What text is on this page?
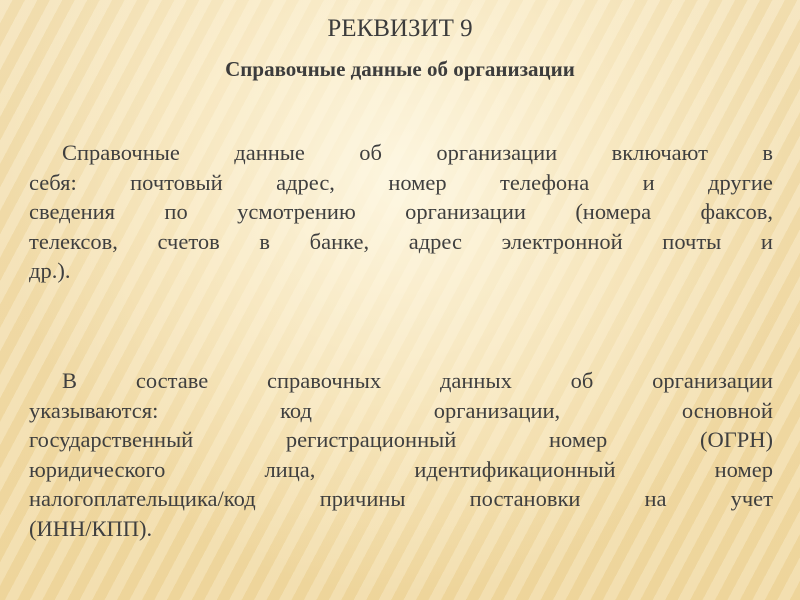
РЕКВИЗИТ 9
Справочные данные об организации
Справочные данные об организации включают в
себя: почтовый адрес, номер телефона и другие
сведения по усмотрению организации (номера факсов,
телексов, счетов в банке, адрес электронной почты и
др.).
В	составе	справочных	данных	об	организации
указываются:	код	организации,	основной
государственный	регистрационный	номер	(ОГРН)
юридического	лица,	идентификационный	номер
налогоплательщика/код	причины	постановки	на	учет
(ИНН/КПП).
